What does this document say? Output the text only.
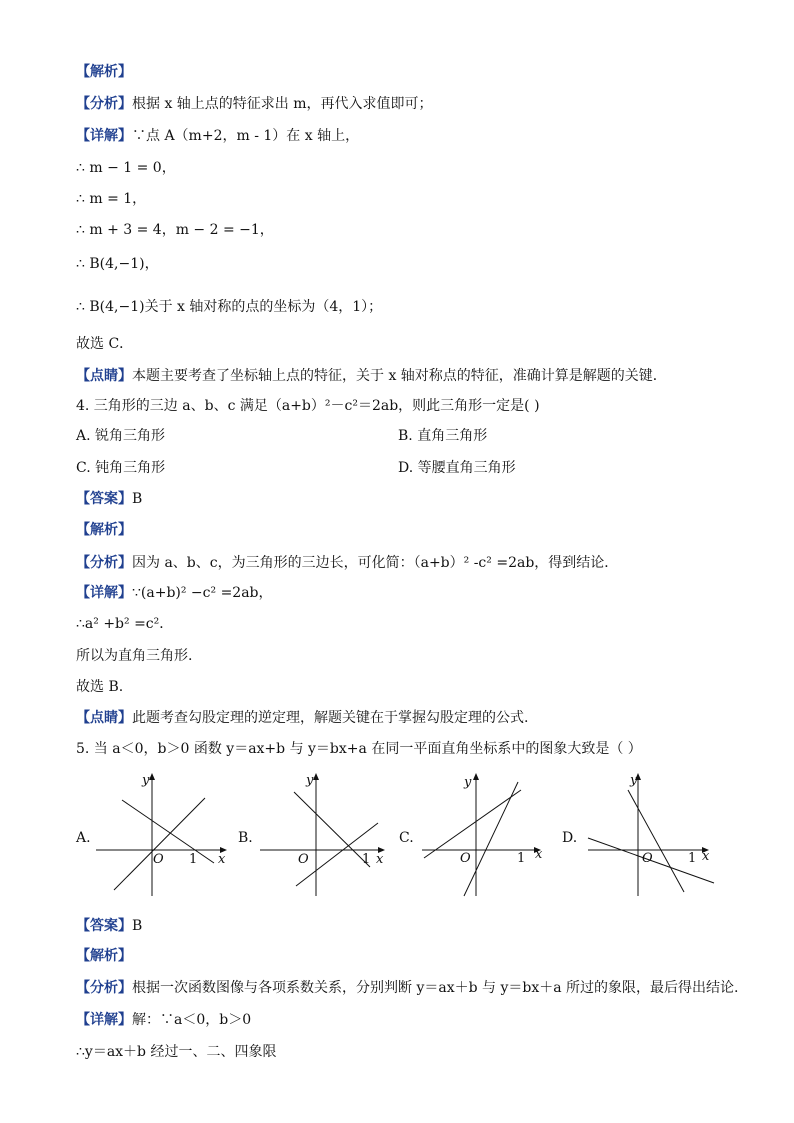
【解析】
【分析】根据 x 轴上点的特征求出 m，再代入求值即可；
【详解】∵点 A（m+2，m - 1）在 x 轴上，
∴ m − 1 = 0，
∴ m = 1，
∴ m + 3 = 4，m − 2 = −1，
∴ B(4,−1)，
∴ B(4,−1)关于 x 轴对称的点的坐标为（4，1）；
故选 C．
【点睛】本题主要考查了坐标轴上点的特征，关于 x 轴对称点的特征，准确计算是解题的关键．
4. 三角形的三边 a、b、c 满足（a+b）²－c²＝2ab，则此三角形一定是( )
A. 锐角三角形	B. 直角三角形
C. 钝角三角形	D. 等腰直角三角形
【答案】B
【解析】
【分析】因为 a、b、c，为三角形的三边长，可化简：（a+b）² -c² =2ab，得到结论．
【详解】∵(a+b)² −c² =2ab，
∴a² +b² =c²．
所以为直角三角形.
故选 B.
【点睛】此题考查勾股定理的逆定理，解题关键在于掌握勾股定理的公式.
5. 当 a＜0，b＞0 函数 y＝ax+b 与 y＝bx+a 在同一平面直角坐标系中的图象大致是（ ）
A.
x
y
O 1
B.
x
y
O	1
C.
x
y
O	1
D.
x
y
O	1
【答案】B
【解析】
【分析】根据一次函数图像与各项系数关系，分别判断 y＝ax＋b 与 y＝bx＋a 所过的象限，最后得出结论.
【详解】解：∵a＜0，b＞0
∴y＝ax＋b 经过一、二、四象限
